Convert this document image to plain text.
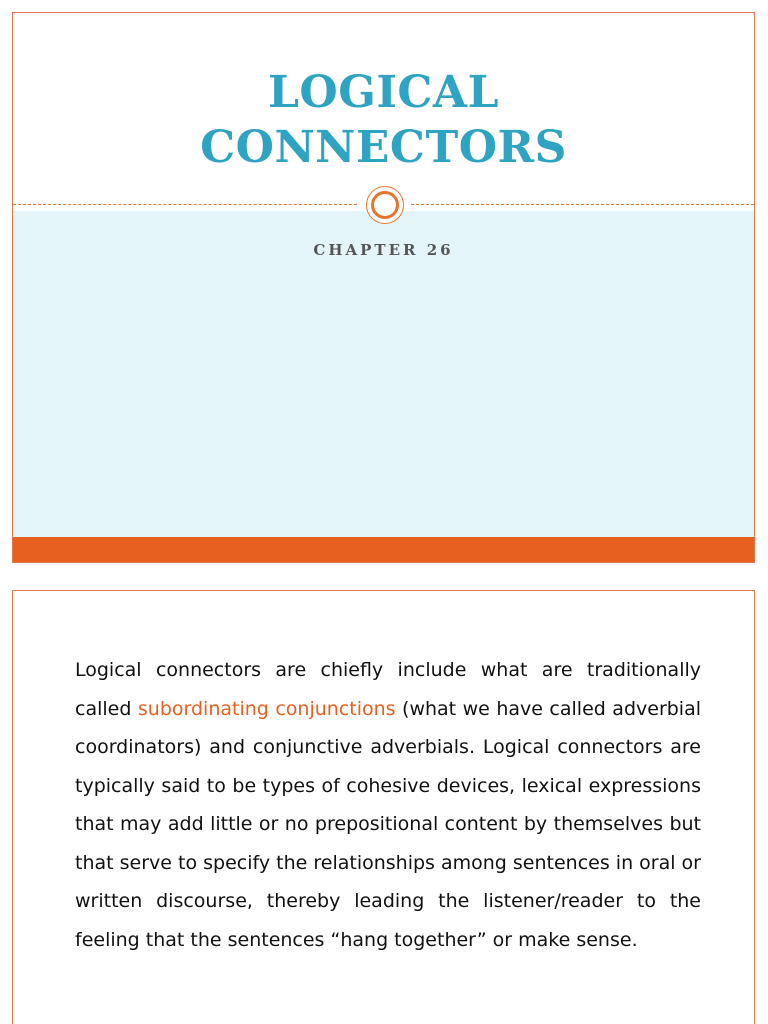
LOGICAL
CONNECTORS
CHAPTER 26

Logical connectors are chiefly include what are traditionally called subordinating conjunctions (what we have called adverbial coordinators) and conjunctive adverbials. Logical connectors are typically said to be types of cohesive devices, lexical expressions that may add little or no prepositional content by themselves but that serve to specify the relationships among sentences in oral or written discourse, thereby leading the listener/reader to the feeling that the sentences “hang together” or make sense.
